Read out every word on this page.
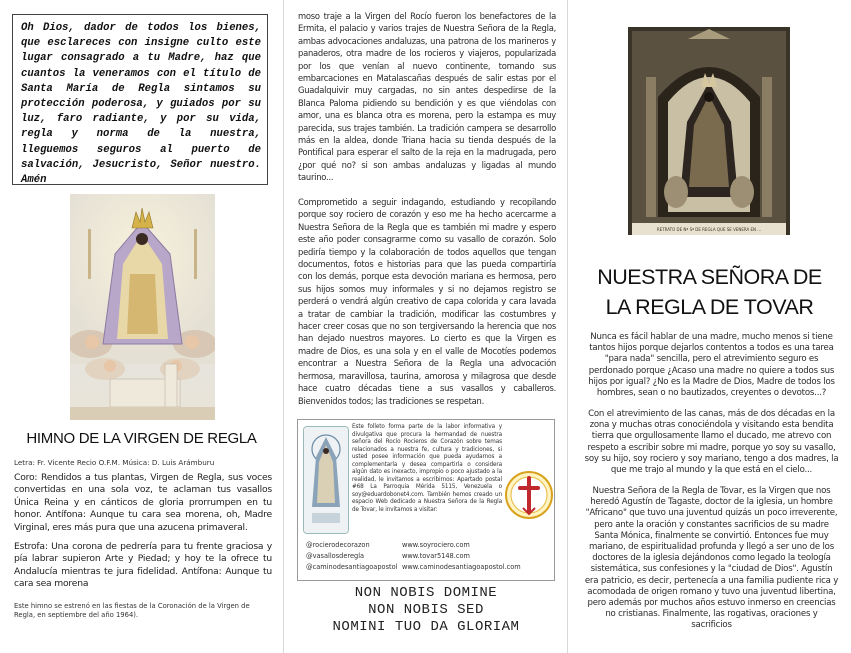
Oh Dios, dador de todos los bienes, que esclareces con insigne culto este lugar consagrado a tu Madre, haz que cuantos la veneramos con el título de Santa María de Regla sintamos su protección poderosa, y guiados por su luz, faro radiante, y por su vida, regla y norma de la nuestra, lleguemos seguros al puerto de salvación, Jesucristo, Señor nuestro. Amén
HIMNO DE LA VIRGEN DE REGLA
Letra: Fr. Vicente Recio O.F.M. Música: D. Luis Arámburu

Coro: Rendidos a tus plantas, Virgen de Regla, sus voces convertidas en una sola voz, te aclaman tus vasallos Única Reina y en cánticos de gloria prorrumpen en tu honor. Antífona: Aunque tu cara sea morena, oh, Madre Virginal, eres más pura que una azucena primaveral.

Estrofa: Una corona de pedrería para tu frente graciosa y pía labrar supieron Arte y Piedad; y hoy te la ofrece tu Andalucía mientras te jura fidelidad. Antífona: Aunque tu cara sea morena

Este himno se estrenó en las fiestas de la Coronación de la Virgen de Regla, en septiembre del año 1964).

moso traje a la Virgen del Rocío fueron los benefactores de la Ermita, el palacio y varios trajes de Nuestra Señora de la Regla, ambas advocaciones andaluzas, una patrona de los marineros y panaderos, otra madre de los rocieros y viajeros, popularizada por los que venían al nuevo continente, tomando sus embarcaciones en Matalascañas después de salir estas por el Guadalquivir muy cargadas, no sin antes despedirse de la Blanca Paloma pidiendo su bendición y es que viéndolas con amor, una es blanca otra es morena, pero la estampa es muy parecida, sus trajes también. La tradición campera se desarrollo más en la aldea, donde Triana hacia su tienda después de la Pontifical para esperar el salto de la reja en la madrugada, pero ¿por qué no? si son ambas andaluzas y ligadas al mundo taurino...

Comprometido a seguir indagando, estudiando y recopilando porque soy rociero de corazón y eso me ha hecho acercarme a Nuestra Señora de la Regla que es también mi madre y espero este año poder consagrarme como su vasallo de corazón. Solo pediría tiempo y la colaboración de todos aquellos que tengan documentos, fotos e historias para que las pueda compartiría con los demás, porque esta devoción mariana es hermosa, pero sus hijos somos muy informales y si no dejamos registro se perderá o vendrá algún creativo de capa colorida y cara lavada a tratar de cambiar la tradición, modificar las costumbres y hacer creer cosas que no son tergiversando la herencia que nos han dejado nuestros mayores. Lo cierto es que la Virgen es madre de Dios, es una sola y en el valle de Mocotíes podemos encontrar a Nuestra Señora de la Regla una advocación hermosa, maravillosa, taurina, amorosa y milagrosa que desde hace cuatro décadas tiene a sus vasallos y caballeros. Bienvenidos todos; las tradiciones se respetan.

Este folleto forma parte de la labor informativa y divulgativa que procura la hermandad de nuestra señora del Rocío Rocieros de Corazón sobre temas relacionados a nuestra fe, cultura y tradiciones, si usted posee información que pueda ayudarnos a complementarla y desea compartirla o considera algún dato es inexacto, impropio o poco ajustado a la realidad, le invitamos a escribirnos: Apartado postal #68 La Parroquia Mérida 5115, Venezuela o soy@eduardobonet4.com. También hemos creado un espacio Web dedicado a Nuestra Señora de la Regla de Tovar, le invitamos a visitar:

@rocierodecorazon	www.soyrociero.com
@vasallosderegla	www.tovar5148.com
@caminodesantiagoapostol www.caminodesantiagoapostol.com
NON NOBIS DOMINE
NON NOBIS SED
NOMINI TUO DA GLORIAM
RETRATO DE Nª Sª DE REGLA QUE SE VENERA EN ...
NUESTRA SEÑORA DE
LA REGLA DE TOVAR

Nunca es fácil hablar de una madre, mucho menos si tiene tantos hijos porque dejarlos contentos a todos es una tarea "para nada" sencilla, pero el atrevimiento seguro es perdonado porque ¿Acaso una madre no quiere a todos sus hijos por igual? ¿No es la Madre de Dios, Madre de todos los hombres, sean o no bautizados, creyentes o devotos...?

Con el atrevimiento de las canas, más de dos décadas en la zona y muchas otras conociéndola y visitando esta bendita tierra que orgullosamente llamo el ducado, me atrevo con respeto a escribir sobre mi madre, porque yo soy su vasallo, soy su hijo, soy rociero y soy mariano, tengo a dos madres, la que me trajo al mundo y la que está en el cielo...

Nuestra Señora de la Regla de Tovar, es la Virgen que nos heredó Agustín de Tagaste, doctor de la iglesia, un hombre "Africano" que tuvo una juventud quizás un poco irreverente, pero ante la oración y constantes sacrificios de su madre Santa Mónica, finalmente se convirtió. Entonces fue muy mariano, de espiritualidad profunda y llegó a ser uno de los doctores de la iglesia dejándonos como legado la teología sistemática, sus confesiones y la "ciudad de Dios". Agustín era patricio, es decir, pertenecía a una familia pudiente rica y acomodada de origen romano y tuvo una juventud libertina, pero además por muchos años estuvo inmerso en creencias no cristianas. Finalmente, las rogativas, oraciones y sacrificios
